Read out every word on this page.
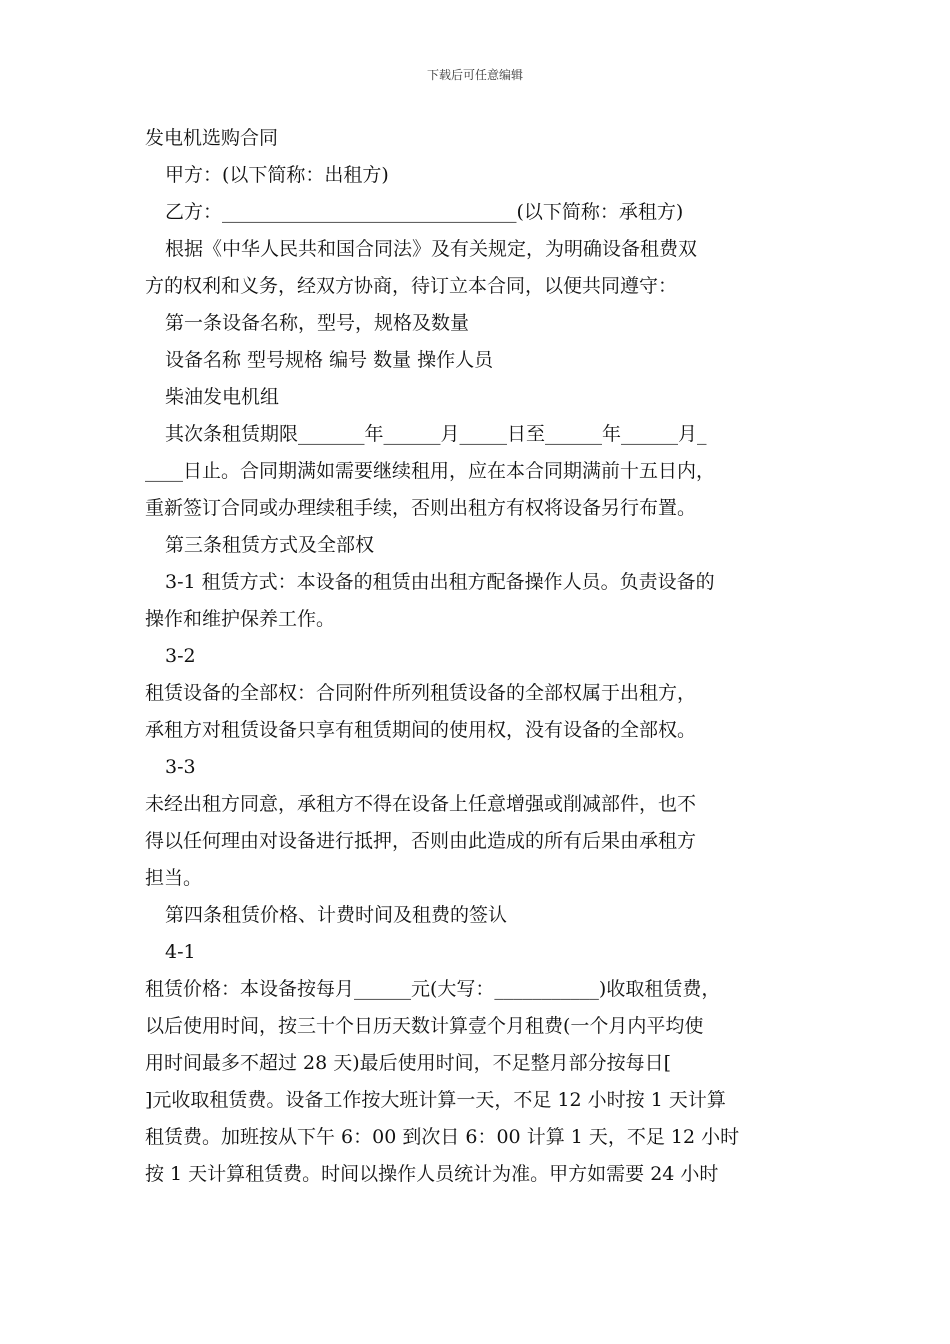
下载后可任意编辑
发电机选购合同
甲方：(以下简称：出租方)
乙方：_______________________________(以下简称：承租方)
根据《中华人民共和国合同法》及有关规定，为明确设备租费双
方的权利和义务，经双方协商，待订立本合同，以便共同遵守：
第一条设备名称，型号，规格及数量
设备名称 型号规格 编号 数量 操作人员
柴油发电机组
其次条租赁期限_______年______月_____日至______年______月_
____日止。合同期满如需要继续租用，应在本合同期满前十五日内，
重新签订合同或办理续租手续，否则出租方有权将设备另行布置。
第三条租赁方式及全部权
3-1 租赁方式：本设备的租赁由出租方配备操作人员。负责设备的
操作和维护保养工作。
3-2
租赁设备的全部权：合同附件所列租赁设备的全部权属于出租方，
承租方对租赁设备只享有租赁期间的使用权，没有设备的全部权。
3-3
未经出租方同意，承租方不得在设备上任意增强或削减部件，也不
得以任何理由对设备进行抵押，否则由此造成的所有后果由承租方
担当。
第四条租赁价格、计费时间及租费的签认
4-1
租赁价格：本设备按每月______元(大写：___________)收取租赁费，
以后使用时间，按三十个日历天数计算壹个月租费(一个月内平均使
用时间最多不超过 28 天)最后使用时间，不足整月部分按每日[
]元收取租赁费。设备工作按大班计算一天，不足 12 小时按 1 天计算
租赁费。加班按从下午 6：00 到次日 6：00 计算 1 天，不足 12 小时
按 1 天计算租赁费。时间以操作人员统计为准。甲方如需要 24 小时
